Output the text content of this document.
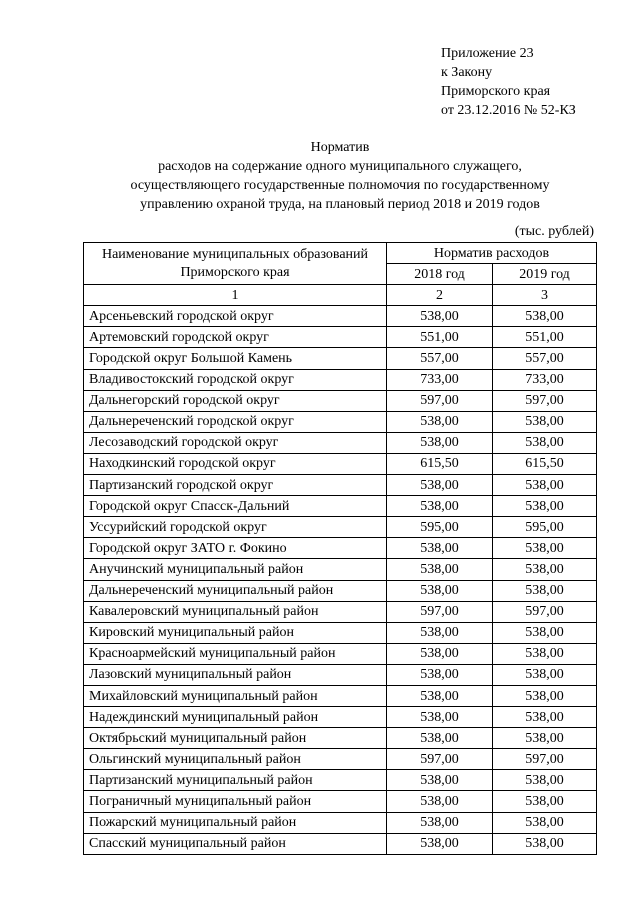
Приложение 23
к Закону
Приморского края
от 23.12.2016 № 52-КЗ
Норматив
расходов на содержание одного муниципального служащего,
осуществляющего государственные полномочия по государственному
управлению охраной труда, на плановый период 2018 и 2019 годов
(тыс. рублей)
Наименование муниципальных образований Приморского края	Норматив расходов	
	2018 год	2019 год
1	2	3
Арсеньевский городской округ	538,00	538,00
Артемовский городской округ	551,00	551,00
Городской округ Большой Камень	557,00	557,00
Владивостокский городской округ	733,00	733,00
Дальнегорский городской округ	597,00	597,00
Дальнереченский городской округ	538,00	538,00
Лесозаводский городской округ	538,00	538,00
Находкинский городской округ	615,50	615,50
Партизанский городской округ	538,00	538,00
Городской округ Спасск-Дальний	538,00	538,00
Уссурийский городской округ	595,00	595,00
Городской округ ЗАТО г. Фокино	538,00	538,00
Анучинский муниципальный район	538,00	538,00
Дальнереченский муниципальный район	538,00	538,00
Кавалеровский муниципальный район	597,00	597,00
Кировский муниципальный район	538,00	538,00
Красноармейский муниципальный район	538,00	538,00
Лазовский муниципальный район	538,00	538,00
Михайловский муниципальный район	538,00	538,00
Надеждинский муниципальный район	538,00	538,00
Октябрьский муниципальный район	538,00	538,00
Ольгинский муниципальный район	597,00	597,00
Партизанский муниципальный район	538,00	538,00
Пограничный муниципальный район	538,00	538,00
Пожарский муниципальный район	538,00	538,00
Спасский муниципальный район	538,00	538,00
